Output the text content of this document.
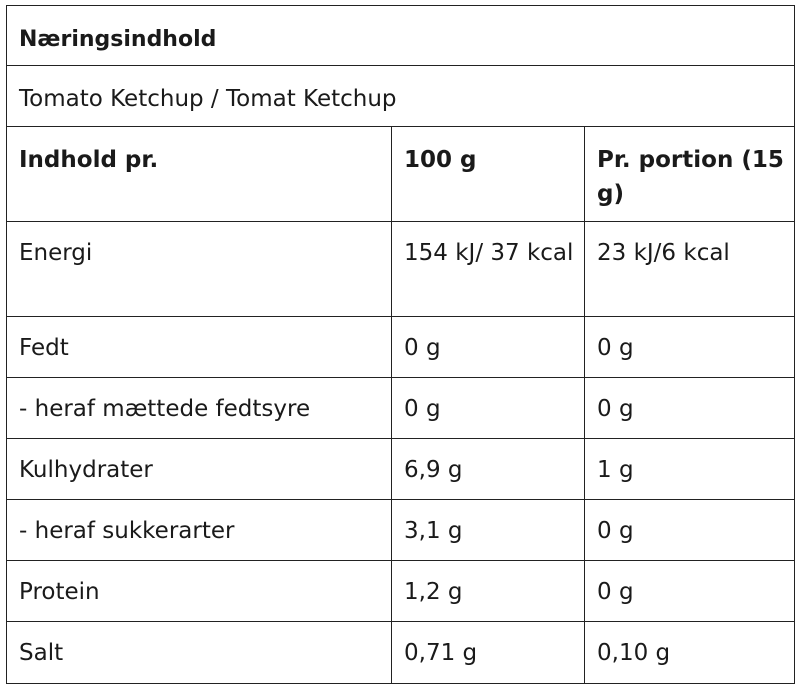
Næringsindhold		
Tomato Ketchup / Tomat Ketchup		
Indhold pr.	100 g	Pr. portion (15 g)
Energi	154 kJ/ 37 kcal	23 kJ/6 kcal
Fedt	0 g	0 g
- heraf mættede fedtsyre	0 g	0 g
Kulhydrater	6,9 g	1 g
- heraf sukkerarter	3,1 g	0 g
Protein	1,2 g	0 g
Salt	0,71 g	0,10 g
